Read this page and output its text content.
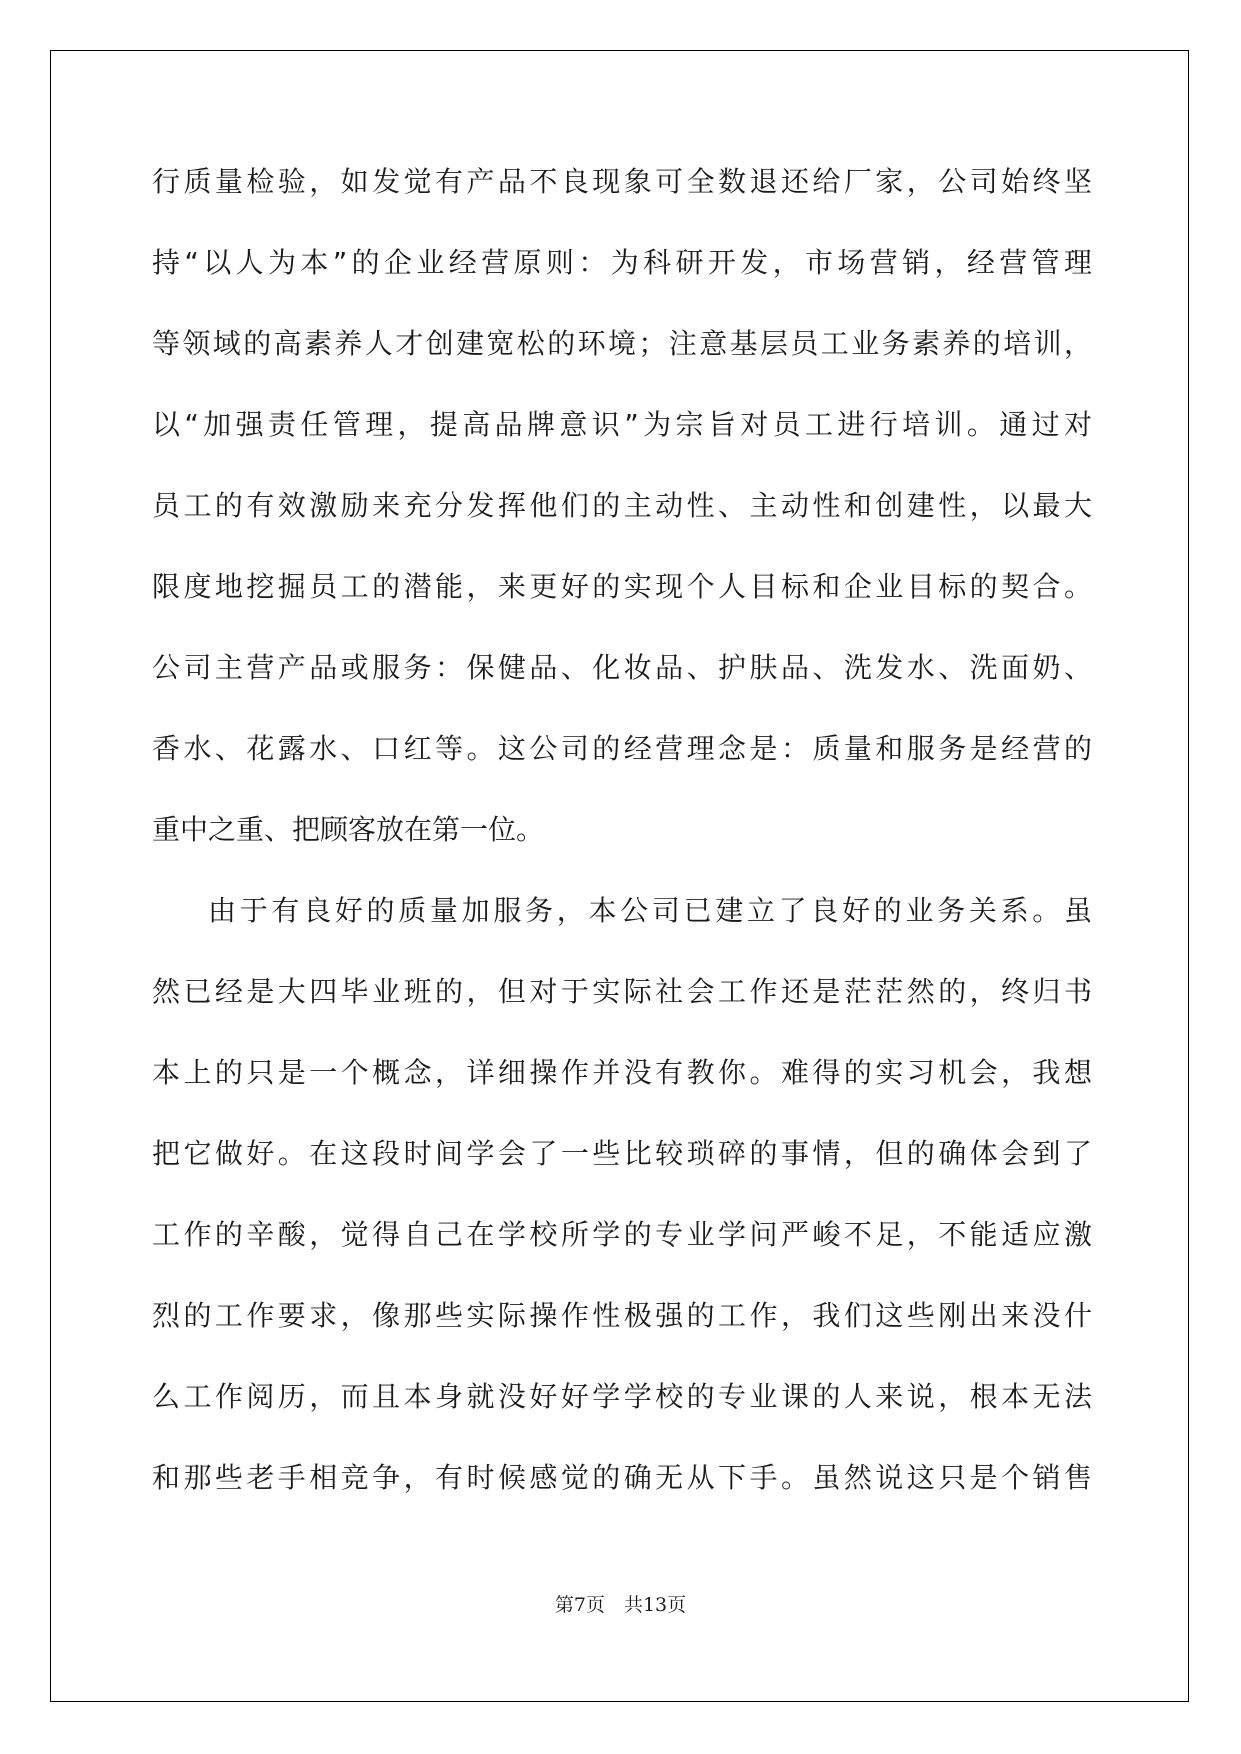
行质量检验，如发觉有产品不良现象可全数退还给厂家，公司始终坚
持“以人为本”的企业经营原则：为科研开发，市场营销，经营管理
等领域的高素养人才创建宽松的环境；注意基层员工业务素养的培训，
以“加强责任管理，提高品牌意识”为宗旨对员工进行培训。通过对
员工的有效激励来充分发挥他们的主动性、主动性和创建性，以最大
限度地挖掘员工的潜能，来更好的实现个人目标和企业目标的契合。
公司主营产品或服务：保健品、化妆品、护肤品、洗发水、洗面奶、
香水、花露水、口红等。这公司的经营理念是：质量和服务是经营的
重中之重、把顾客放在第一位。
由于有良好的质量加服务，本公司已建立了良好的业务关系。虽
然已经是大四毕业班的，但对于实际社会工作还是茫茫然的，终归书
本上的只是一个概念，详细操作并没有教你。难得的实习机会，我想
把它做好。在这段时间学会了一些比较琐碎的事情，但的确体会到了
工作的辛酸，觉得自己在学校所学的专业学问严峻不足，不能适应激
烈的工作要求，像那些实际操作性极强的工作，我们这些刚出来没什
么工作阅历，而且本身就没好好学学校的专业课的人来说，根本无法
和那些老手相竞争，有时候感觉的确无从下手。虽然说这只是个销售
第7页　共13页
